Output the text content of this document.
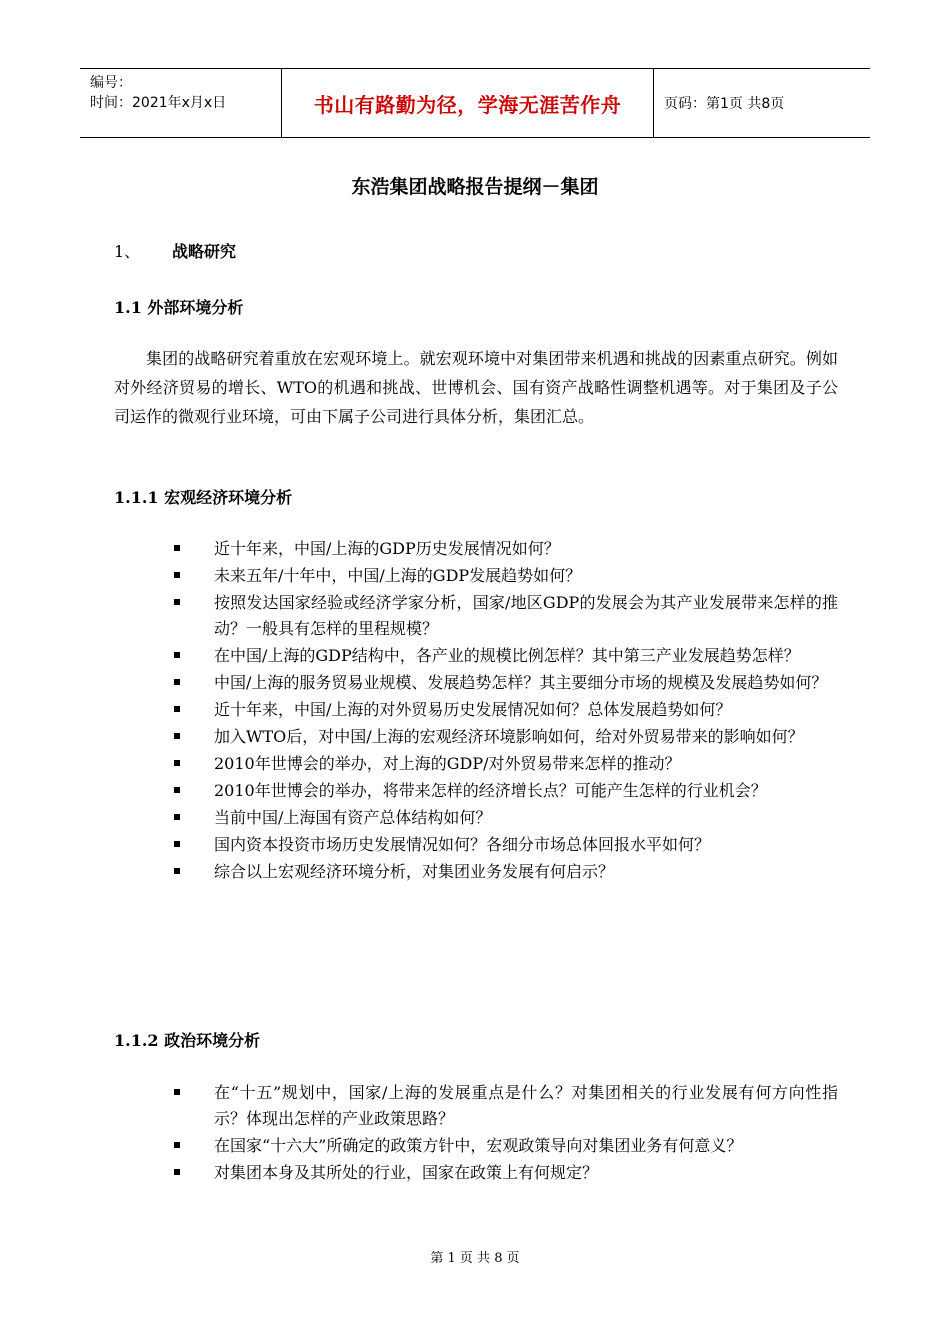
编号：
时间：2021年x月x日	书山有路勤为径，学海无涯苦作舟	页码：第1页 共8页
东浩集团战略报告提纲－集团
1、 战略研究
1.1 外部环境分析
集团的战略研究着重放在宏观环境上。就宏观环境中对集团带来机遇和挑战的因素重点研究。例如对外经济贸易的增长、WTO的机遇和挑战、世博机会、国有资产战略性调整机遇等。对于集团及子公司运作的微观行业环境，可由下属子公司进行具体分析，集团汇总。
1.1.1 宏观经济环境分析
近十年来，中国/上海的GDP历史发展情况如何？
未来五年/十年中，中国/上海的GDP发展趋势如何？
按照发达国家经验或经济学家分析，国家/地区GDP的发展会为其产业发展带来怎样的推动？一般具有怎样的里程规模？
在中国/上海的GDP结构中，各产业的规模比例怎样？其中第三产业发展趋势怎样？
中国/上海的服务贸易业规模、发展趋势怎样？其主要细分市场的规模及发展趋势如何？
近十年来，中国/上海的对外贸易历史发展情况如何？总体发展趋势如何？
加入WTO后，对中国/上海的宏观经济环境影响如何，给对外贸易带来的影响如何？
2010年世博会的举办，对上海的GDP/对外贸易带来怎样的推动？
2010年世博会的举办，将带来怎样的经济增长点？可能产生怎样的行业机会？
当前中国/上海国有资产总体结构如何？
国内资本投资市场历史发展情况如何？各细分市场总体回报水平如何？
综合以上宏观经济环境分析，对集团业务发展有何启示？
1.1.2 政治环境分析
在“十五”规划中，国家/上海的发展重点是什么？对集团相关的行业发展有何方向性指示？体现出怎样的产业政策思路？
在国家“十六大”所确定的政策方针中，宏观政策导向对集团业务有何意义？
对集团本身及其所处的行业，国家在政策上有何规定？
第 1 页 共 8 页
